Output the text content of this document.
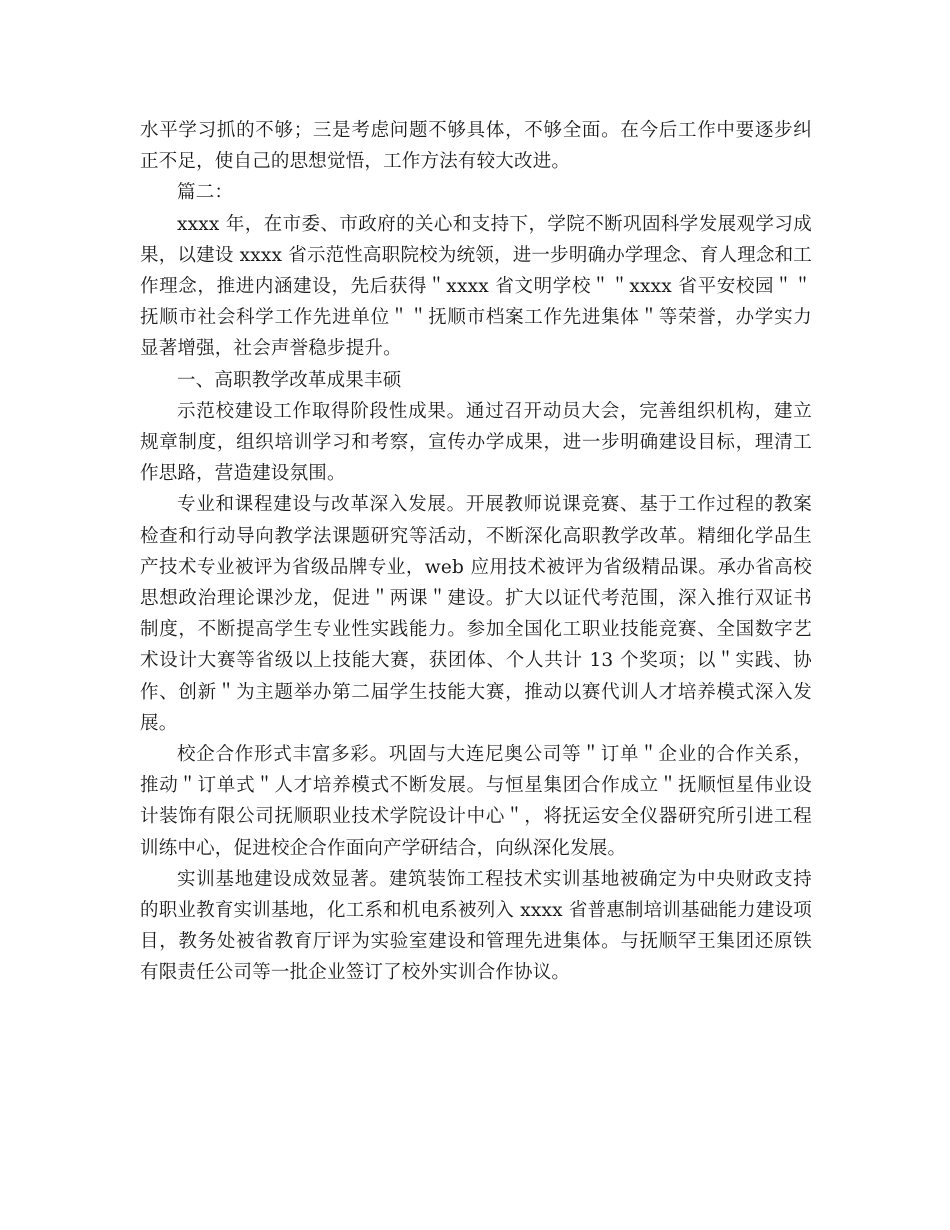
水平学习抓的不够；三是考虑问题不够具体，不够全面。在今后工作中要逐步纠正不足，使自己的思想觉悟，工作方法有较大改进。

篇二：

xxxx 年，在市委、市政府的关心和支持下，学院不断巩固科学发展观学习成果，以建设 xxxx 省示范性高职院校为统领，进一步明确办学理念、育人理念和工作理念，推进内涵建设，先后获得＂xxxx 省文明学校＂＂xxxx 省平安校园＂＂抚顺市社会科学工作先进单位＂＂抚顺市档案工作先进集体＂等荣誉，办学实力显著增强，社会声誉稳步提升。

一、高职教学改革成果丰硕

示范校建设工作取得阶段性成果。通过召开动员大会，完善组织机构，建立规章制度，组织培训学习和考察，宣传办学成果，进一步明确建设目标，理清工作思路，营造建设氛围。

专业和课程建设与改革深入发展。开展教师说课竞赛、基于工作过程的教案检查和行动导向教学法课题研究等活动，不断深化高职教学改革。精细化学品生产技术专业被评为省级品牌专业，web 应用技术被评为省级精品课。承办省高校思想政治理论课沙龙，促进＂两课＂建设。扩大以证代考范围，深入推行双证书制度，不断提高学生专业性实践能力。参加全国化工职业技能竞赛、全国数字艺术设计大赛等省级以上技能大赛，获团体、个人共计 13 个奖项；以＂实践、协作、创新＂为主题举办第二届学生技能大赛，推动以赛代训人才培养模式深入发展。

校企合作形式丰富多彩。巩固与大连尼奥公司等＂订单＂企业的合作关系，推动＂订单式＂人才培养模式不断发展。与恒星集团合作成立＂抚顺恒星伟业设计装饰有限公司抚顺职业技术学院设计中心＂，将抚运安全仪器研究所引进工程训练中心，促进校企合作面向产学研结合，向纵深化发展。

实训基地建设成效显著。建筑装饰工程技术实训基地被确定为中央财政支持的职业教育实训基地，化工系和机电系被列入 xxxx 省普惠制培训基础能力建设项目，教务处被省教育厅评为实验室建设和管理先进集体。与抚顺罕王集团还原铁有限责任公司等一批企业签订了校外实训合作协议。
